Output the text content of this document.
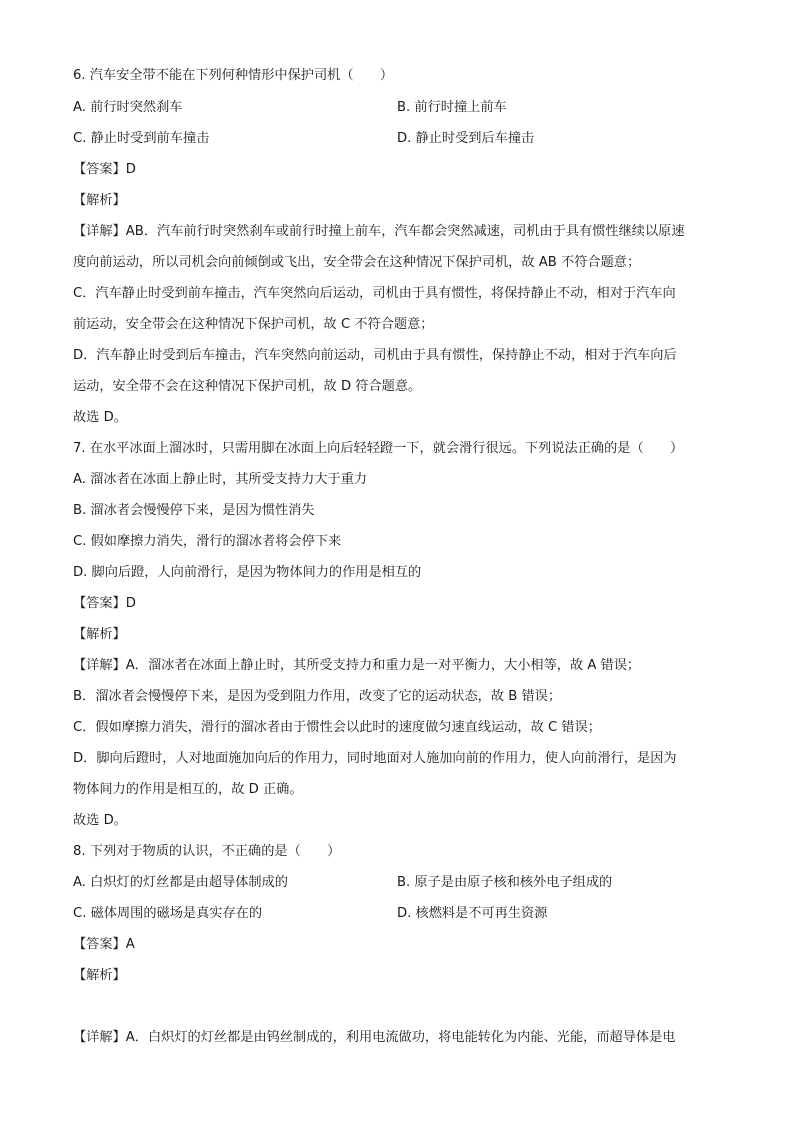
6. 汽车安全带不能在下列何种情形中保护司机（　　）
A. 前行时突然刹车	B. 前行时撞上前车
C. 静止时受到前车撞击	D. 静止时受到后车撞击
【答案】D
【解析】
【详解】AB．汽车前行时突然刹车或前行时撞上前车，汽车都会突然减速，司机由于具有惯性继续以原速
度向前运动，所以司机会向前倾倒或飞出，安全带会在这种情况下保护司机，故 AB 不符合题意；
C．汽车静止时受到前车撞击，汽车突然向后运动，司机由于具有惯性，将保持静止不动，相对于汽车向
前运动，安全带会在这种情况下保护司机，故 C 不符合题意；
D．汽车静止时受到后车撞击，汽车突然向前运动，司机由于具有惯性，保持静止不动，相对于汽车向后
运动，安全带不会在这种情况下保护司机，故 D 符合题意。
故选 D。
7. 在水平冰面上溜冰时，只需用脚在冰面上向后轻轻蹬一下，就会滑行很远。下列说法正确的是（　　）
A. 溜冰者在冰面上静止时，其所受支持力大于重力
B. 溜冰者会慢慢停下来，是因为惯性消失
C. 假如摩擦力消失，滑行的溜冰者将会停下来
D. 脚向后蹬，人向前滑行，是因为物体间力的作用是相互的
【答案】D
【解析】
【详解】A．溜冰者在冰面上静止时，其所受支持力和重力是一对平衡力，大小相等，故 A 错误；
B．溜冰者会慢慢停下来，是因为受到阻力作用，改变了它的运动状态，故 B 错误；
C．假如摩擦力消失，滑行的溜冰者由于惯性会以此时的速度做匀速直线运动，故 C 错误；
D．脚向后蹬时，人对地面施加向后的作用力，同时地面对人施加向前的作用力，使人向前滑行，是因为
物体间力的作用是相互的，故 D 正确。
故选 D。
8. 下列对于物质的认识，不正确的是（　　）
A. 白炽灯的灯丝都是由超导体制成的	B. 原子是由原子核和核外电子组成的
C. 磁体周围的磁场是真实存在的	D. 核燃料是不可再生资源
【答案】A
【解析】
【详解】A．白炽灯的灯丝都是由钨丝制成的，利用电流做功，将电能转化为内能、光能，而超导体是电
